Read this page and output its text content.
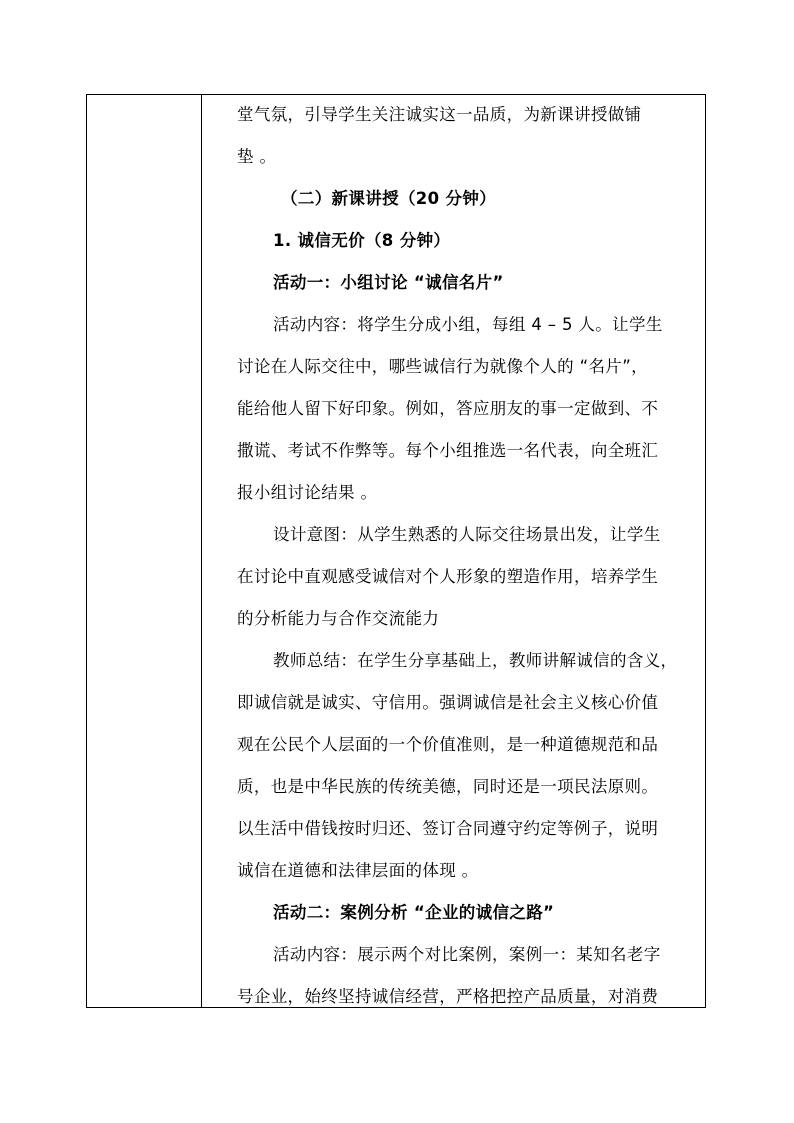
堂气氛，引导学生关注诚实这一品质，为新课讲授做铺
垫 。
（二）新课讲授（20 分钟）
1. 诚信无价（8 分钟）
活动一：小组讨论 “诚信名片”
活动内容：将学生分成小组，每组 4 – 5 人。让学生
讨论在人际交往中，哪些诚信行为就像个人的 “名片”，
能给他人留下好印象。例如，答应朋友的事一定做到、不
撒谎、考试不作弊等。每个小组推选一名代表，向全班汇
报小组讨论结果 。
设计意图：从学生熟悉的人际交往场景出发，让学生
在讨论中直观感受诚信对个人形象的塑造作用，培养学生
的分析能力与合作交流能力
教师总结：在学生分享基础上，教师讲解诚信的含义，
即诚信就是诚实、守信用。强调诚信是社会主义核心价值
观在公民个人层面的一个价值准则，是一种道德规范和品
质，也是中华民族的传统美德，同时还是一项民法原则。
以生活中借钱按时归还、签订合同遵守约定等例子，说明
诚信在道德和法律层面的体现 。
活动二：案例分析 “企业的诚信之路”
活动内容：展示两个对比案例，案例一：某知名老字
号企业，始终坚持诚信经营，严格把控产品质量，对消费
